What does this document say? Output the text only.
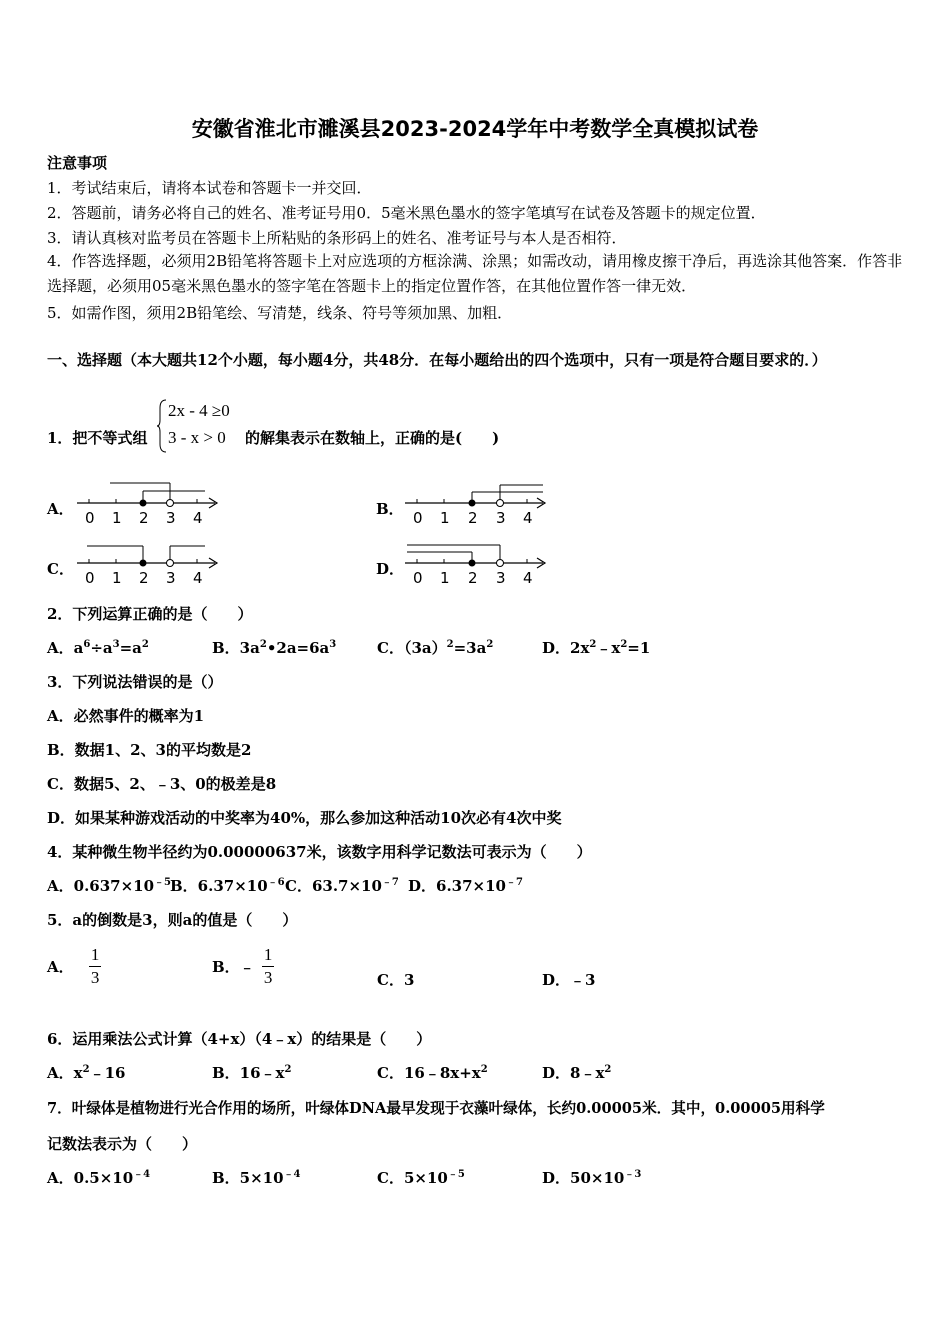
安徽省淮北市濉溪县2023-2024学年中考数学全真模拟试卷
注意事项
1．考试结束后，请将本试卷和答题卡一并交回．
2．答题前，请务必将自己的姓名、准考证号用0．5毫米黑色墨水的签字笔填写在试卷及答题卡的规定位置．
3．请认真核对监考员在答题卡上所粘贴的条形码上的姓名、准考证号与本人是否相符．
4．作答选择题，必须用2B铅笔将答题卡上对应选项的方框涂满、涂黑；如需改动，请用橡皮擦干净后，再选涂其他答案．作答非选择题，必须用05毫米黑色墨水的签字笔在答题卡上的指定位置作答，在其他位置作答一律无效．
5．如需作图，须用2B铅笔绘、写清楚，线条、符号等须加黑、加粗．
一、选择题（本大题共12个小题，每小题4分，共48分．在每小题给出的四个选项中，只有一项是符合题目要求的．）
1．把不等式组
2x - 4 ≥0
3 - x > 0 的解集表示在数轴上，正确的是(　　)
A．	B．
C．	D．
0 1 2 3 4	0 1 2 3 4
0 1 2 3 4	0 1 2 3 4
2．下列运算正确的是（　　）
A．$a^6\div a^3=a^2$	B．$3a^2•2a=6a^3$	C．$(3a)^2=3a^2$	D．$2x^2﹣x^2=1$
3．下列说法错误的是（）
A．必然事件的概率为1
B．数据1、2、3的平均数是2
C．数据5、2、﹣3、0的极差是8
D．如果某种游戏活动的中奖率为40%，那么参加这种活动10次必有4次中奖
4．某种微生物半径约为0.00000637米，该数字用科学记数法可表示为（　　）
A．$0.637\times 10^{﹣5}$
B．$6.37\times 10^{﹣6}$ C．$63.7\times 10^{﹣7}$ D．$6.37\times 10^{﹣7}$
5．a的倒数是3，则a的值是（　　）
A． $\frac{1}{3}$	B．﹣ $\frac{1}{3}$	C．3	D．﹣3
6．运用乘法公式计算（4+x）（4﹣x）的结果是（　　）
A．$x^2﹣16$	B．$16﹣x^2$	C．$16﹣8x+x^2$	D．$8﹣x^2$
7．叶绿体是植物进行光合作用的场所，叶绿体DNA最早发现于衣藻叶绿体，长约0.00005米．其中，0.00005用科学
记数法表示为（　　）
A．$0.5\times 10^{﹣4}$	B．$5\times 10^{﹣4}$	C．$5\times 10^{﹣5}$	D．$50\times 10^{﹣3}$
